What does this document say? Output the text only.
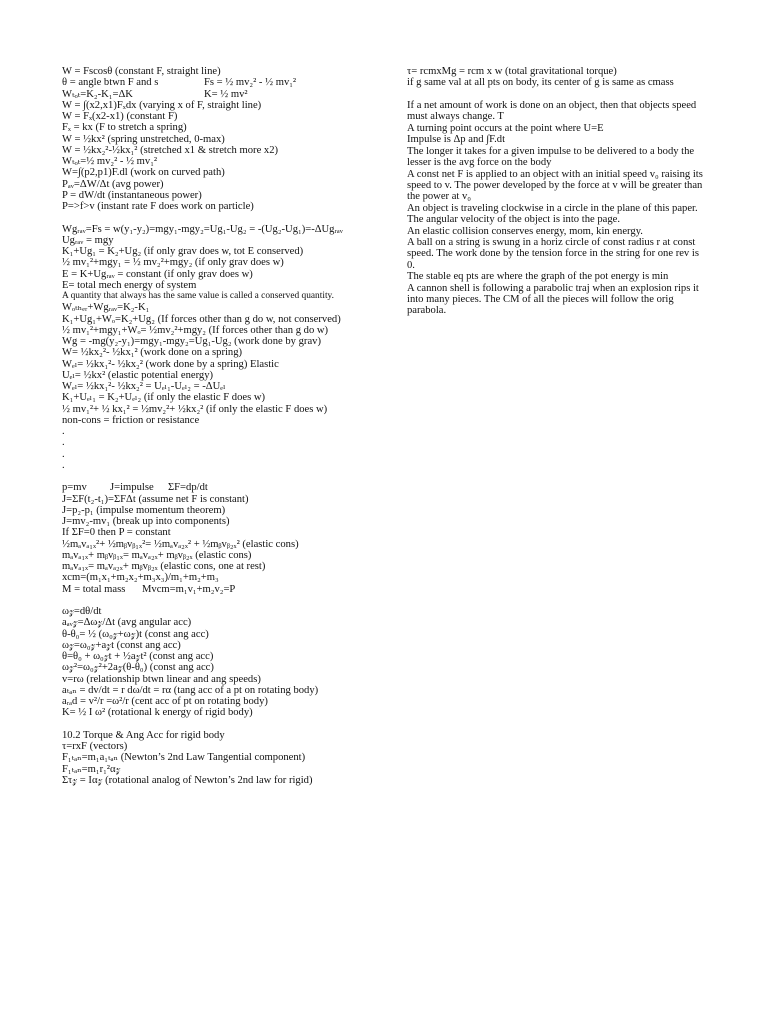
W = Fscosθ (constant F, straight line)
θ = angle btwn F and s	Fs = ½ mv₂² - ½ mv₁²
Wₜₒₜ=K₂-K₁=ΔK	K= ½ mv²
W = ∫(x2,x1)Fₓdx (varying x of F, straight line)
W = Fₓ(x2-x1) (constant F)
Fₓ = kx (F to stretch a spring)
W = ½kx² (spring unstretched, 0-max)
W = ½kx₂²-½kx₁² (stretched x1 & stretch more x2)
Wₜₒₜ=½ mv₂² - ½ mv₁²
W=∫(p2,p1)F.dl (work on curved path)
Pₐᵥ=ΔW/Δt (avg power)
P = dW/dt (instantaneous power)
P=>f>v (instant rate F does work on particle)
Wgᵣₐᵥ=Fs = w(y₁-y₂)=mgy₁-mgy₂=Ug₁-Ug₂ = -(Ug₂-Ug₁)=-ΔUgᵣₐᵥ
Ugᵣₐᵥ = mgy
K₁+Ug₁ = K₂+Ug₂ (if only grav does w, tot E conserved)
½ mv₁²+mgy₁ = ½ mv₂²+mgy₂ (if only grav does w)
E = K+Ugᵣₐᵥ = constant (if only grav does w)
E= total mech energy of system
A quantity that always has the same value is called a conserved quantity.
Wₒₜₕₑᵣ+Wgᵣₐᵥ=K₂-K₁
K₁+Ug₁+Wₒ=K₂+Ug₂ (If forces other than g do w, not conserved)
½ mv₁²+mgy₁+Wₒ= ½mv₂²+mgy₂ (If forces other than g do w)
Wg = -mg(y₂-y₁)=mgy₁-mgy₂=Ug₁-Ug₂ (work done by grav)
W= ½kx₂²- ½kx₁² (work done on a spring)
Wₑₗ= ½kx₁²- ½kx₂² (work done by a spring) Elastic
Uₑₗ= ½kx² (elastic potential energy)
Wₑₗ= ½kx₁²- ½kx₂² = Uₑₗ₁-Uₑₗ₂ = -ΔUₑₗ
K₁+Uₑₗ₁ = K₂+Uₑₗ₂ (if only the elastic F does w)
½ mv₁²+ ½ kx₁² = ½mv₂²+ ½kx₂² (if only the elastic F does w)
non-cons = friction or resistance
.
.
.
.
p=mv J=impulse ΣF=dp/dt
J=ΣF(t₂-t₁)=ΣFΔt (assume net F is constant)
J=p₂-p₁ (impulse momentum theorem)
J=mv₂-mv₁ (break up into components)
If ΣF=0 then P = constant
½mₐvₐ₁ₓ²+ ½mᵦvᵦ₁ₓ²= ½mₐvₐ₂ₓ² + ½mᵦvᵦ₂ₓ² (elastic cons)
mₐvₐ₁ₓ+ mᵦvᵦ₁ₓ= mₐvₐ₂ₓ+ mᵦvᵦ₂ₓ (elastic cons)
mₐvₐ₁ₓ= mₐvₐ₂ₓ+ mᵦvᵦ₂ₓ (elastic cons, one at rest)
xcm=(m₁x₁+m₂x₂+m₃x₃)/m₁+m₂+m₃
M = total mass Mvcm=m₁v₁+m₂v₂=P
ω𝓏=dθ/dt
aₐᵥ𝓏=Δω𝓏/Δt (avg angular acc)
θ-θ₀= ½ (ω₀𝓏+ω𝓏)t (const ang acc)
ω𝓏=ω₀𝓏+a𝓏t (const ang acc)
θ=θ₀ + ω₀𝓏t + ½a𝓏t² (const ang acc)
ω𝓏²=ω₀𝓏²+2a𝓏(θ-θ₀) (const ang acc)
v=rω (relationship btwn linear and ang speeds)
aₜₐₙ = dv/dt = r dω/dt = rα (tang acc of a pt on rotating body)
aᵣₐd = v²/r =ω²/r (cent acc of pt on rotating body)
K= ½ I ω² (rotational k energy of rigid body)
10.2 Torque & Ang Acc for rigid body
τ=rxF (vectors)
F₁ₜₐₙ=m₁a₁ₜₐₙ (Newton’s 2nd Law Tangential component)
F₁ₜₐₙ=m₁r₁²α𝓏
Στ𝓏 = Iα𝓏 (rotational analog of Newton’s 2nd law for rigid)
τ= rcmxMg = rcm x w (total gravitational torque)
if g same val at all pts on body, its center of g is same as cmass
If a net amount of work is done on an object, then that objects speed must always change. T
A turning point occurs at the point where U=E
Impulse is Δp and ∫F.dt
The longer it takes for a given impulse to be delivered to a body the lesser is the avg force on the body
A const net F is applied to an object with an initial speed v₀ raising its speed to v. The power developed by the force at v will be greater than the power at v₀
An object is traveling clockwise in a circle in the plane of this paper. The angular velocity of the object is into the page.
An elastic collision conserves energy, mom, kin energy.
A ball on a string is swung in a horiz circle of const radius r at const speed. The work done by the tension force in the string for one rev is 0.
The stable eq pts are where the graph of the pot energy is min
A cannon shell is following a parabolic traj when an explosion rips it into many pieces. The CM of all the pieces will follow the orig parabola.
